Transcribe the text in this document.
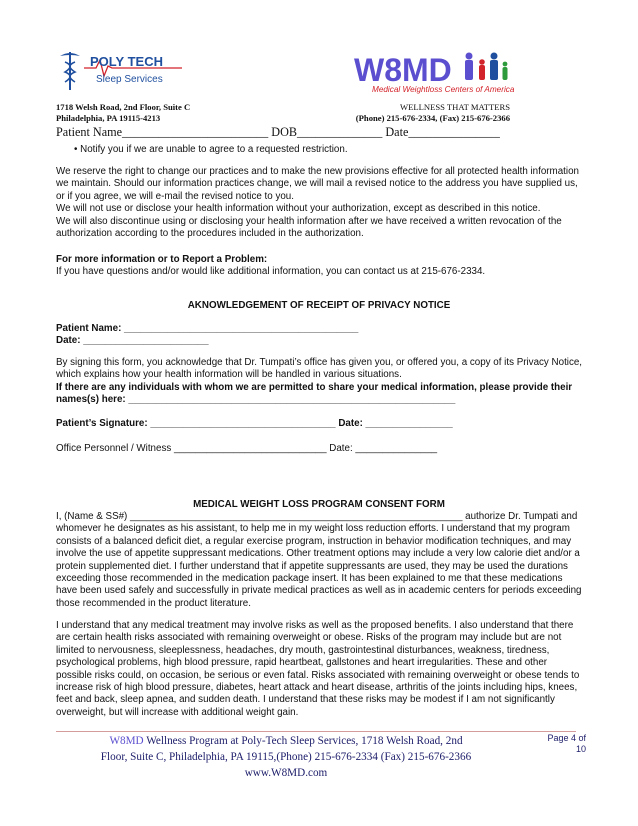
POLY TECH
Sleep Services	W8MD
Medical Weightloss Centers of America
1718 Welsh Road, 2nd Floor, Suite C	WELLNESS THAT MATTERS
Philadelphia, PA 19115-4213	(Phone) 215-676-2334, (Fax) 215-676-2366
Patient Name________________________ DOB______________ Date_______________
• Notify you if we are unable to agree to a requested restriction.

We reserve the right to change our practices and to make the new provisions effective for all protected health information we maintain. Should our information practices change, we will mail a revised notice to the address you have supplied us, or if you agree, we will e-mail the revised notice to you.

We will not use or disclose your health information without your authorization, except as described in this notice.

We will also discontinue using or disclosing your health information after we have received a written revocation of the authorization according to the procedures included in the authorization.

For more information or to Report a Problem:

If you have questions and/or would like additional information, you can contact us at 215-676-2334.

AKNOWLEDGEMENT OF RECEIPT OF PRIVACY NOTICE

Patient Name: ___________________________________________

Date: _______________________

By signing this form, you acknowledge that Dr. Tumpati’s office has given you, or offered you, a copy of its Privacy Notice, which explains how your health information will be handled in various situations.

If there are any individuals with whom we are permitted to share your medical information, please provide their names(s) here: ____________________________________________________________

Patient’s Signature: __________________________________ Date: ________________

Office Personnel / Witness ____________________________ Date: _______________

MEDICAL WEIGHT LOSS PROGRAM CONSENT FORM

I, (Name & SS#) _____________________________________________________________ authorize Dr. Tumpati and whomever he designates as his assistant, to help me in my weight loss reduction efforts. I understand that my program consists of a balanced deficit diet, a regular exercise program, instruction in behavior modification techniques, and may involve the use of appetite suppressant medications. Other treatment options may include a very low calorie diet and/or a protein supplemented diet. I further understand that if appetite suppressants are used, they may be used the durations exceeding those recommended in the medication package insert. It has been explained to me that these medications have been used safely and successfully in private medical practices as well as in academic centers for periods exceeding those recommended in the product literature.

I understand that any medical treatment may involve risks as well as the proposed benefits. I also understand that there are certain health risks associated with remaining overweight or obese. Risks of the program may include but are not limited to nervousness, sleeplessness, headaches, dry mouth, gastrointestinal disturbances, weakness, tiredness, psychological problems, high blood pressure, rapid heartbeat, gallstones and heart irregularities. These and other possible risks could, on occasion, be serious or even fatal. Risks associated with remaining overweight or obese tends to increase risk of high blood pressure, diabetes, heart attack and heart disease, arthritis of the joints including hips, knees, feet and back, sleep apnea, and sudden death. I understand that these risks may be modest if I am not significantly overweight, but will increase with additional weight gain.

W8MD Wellness Program at Poly-Tech Sleep Services, 1718 Welsh Road, 2nd
Floor, Suite C, Philadelphia, PA 19115,(Phone) 215-676-2334 (Fax) 215-676-2366
www.W8MD.com
Page 4 of
10
